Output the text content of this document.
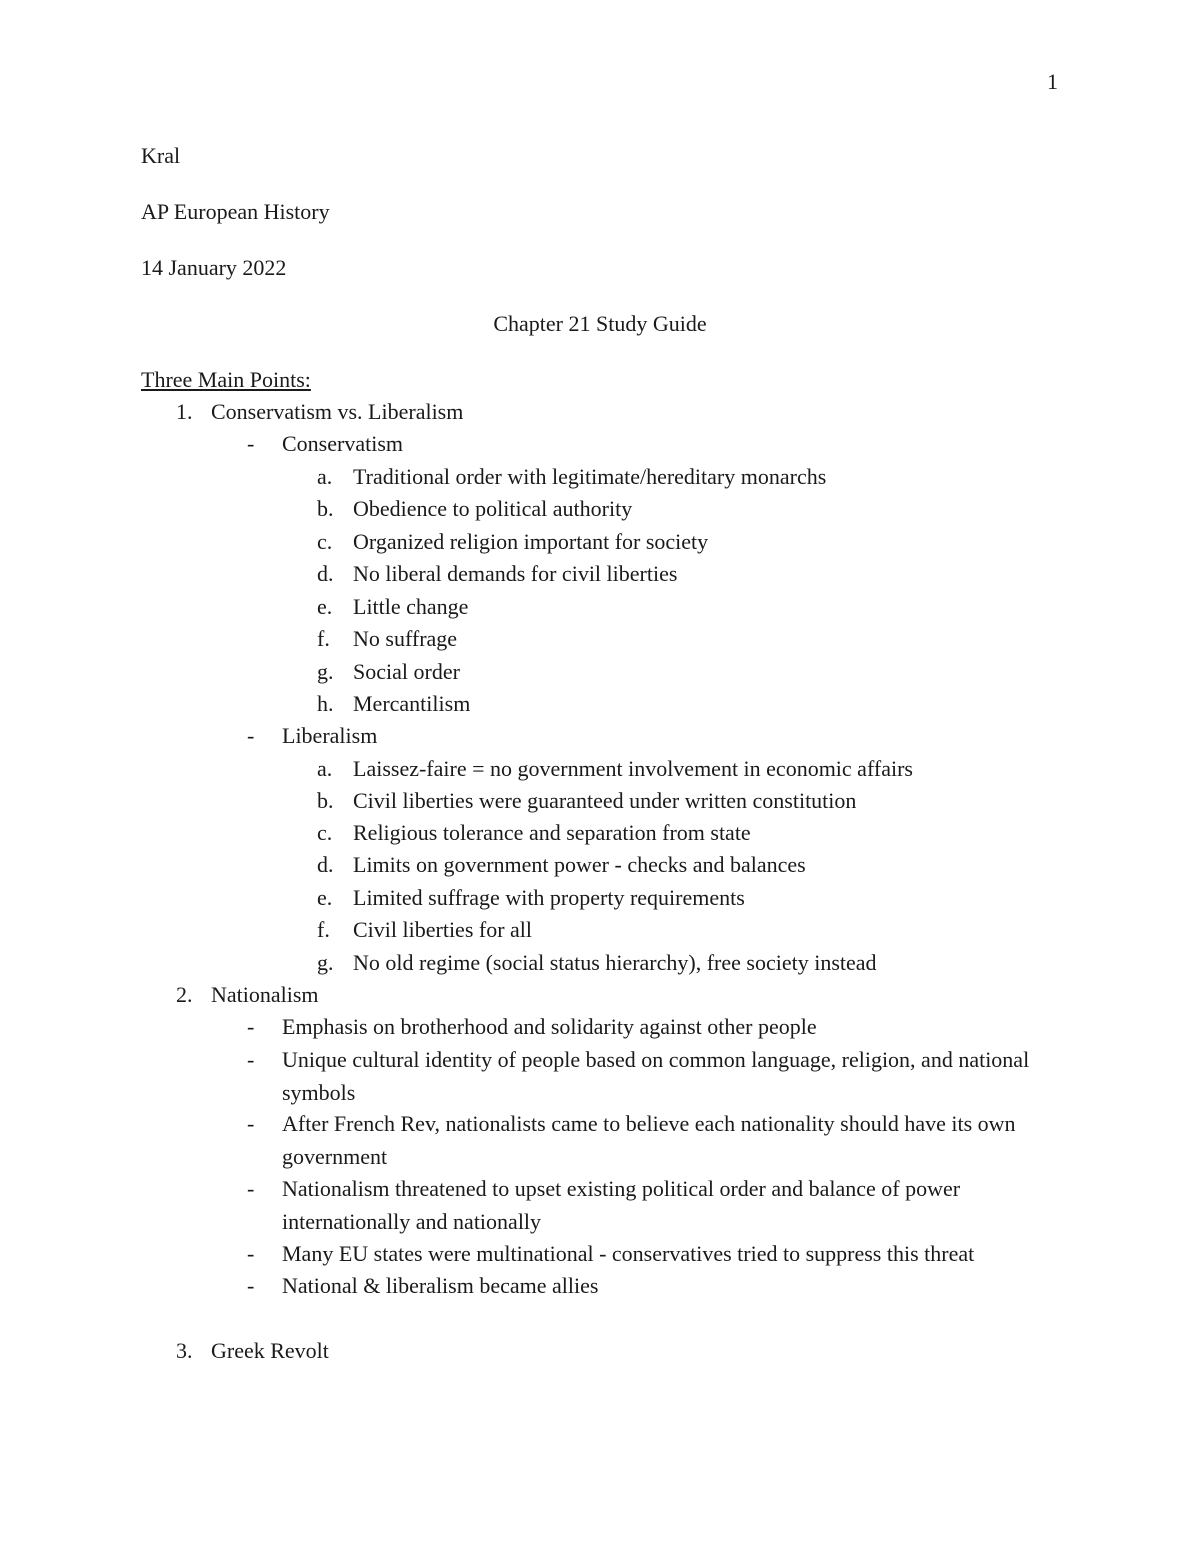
1
Kral
AP European History
14 January 2022
Chapter 21 Study Guide
Three Main Points:
1. Conservatism vs. Liberalism
- Conservatism
a. Traditional order with legitimate/hereditary monarchs
b. Obedience to political authority
c. Organized religion important for society
d. No liberal demands for civil liberties
e. Little change
f. No suffrage
g. Social order
h. Mercantilism
- Liberalism
a. Laissez-faire = no government involvement in economic affairs
b. Civil liberties were guaranteed under written constitution
c. Religious tolerance and separation from state
d. Limits on government power - checks and balances
e. Limited suffrage with property requirements
f. Civil liberties for all
g. No old regime (social status hierarchy), free society instead
2. Nationalism
- Emphasis on brotherhood and solidarity against other people
- Unique cultural identity of people based on common language, religion, and national symbols
- After French Rev, nationalists came to believe each nationality should have its own government
- Nationalism threatened to upset existing political order and balance of power internationally and nationally
- Many EU states were multinational - conservatives tried to suppress this threat
- National & liberalism became allies
3. Greek Revolt
